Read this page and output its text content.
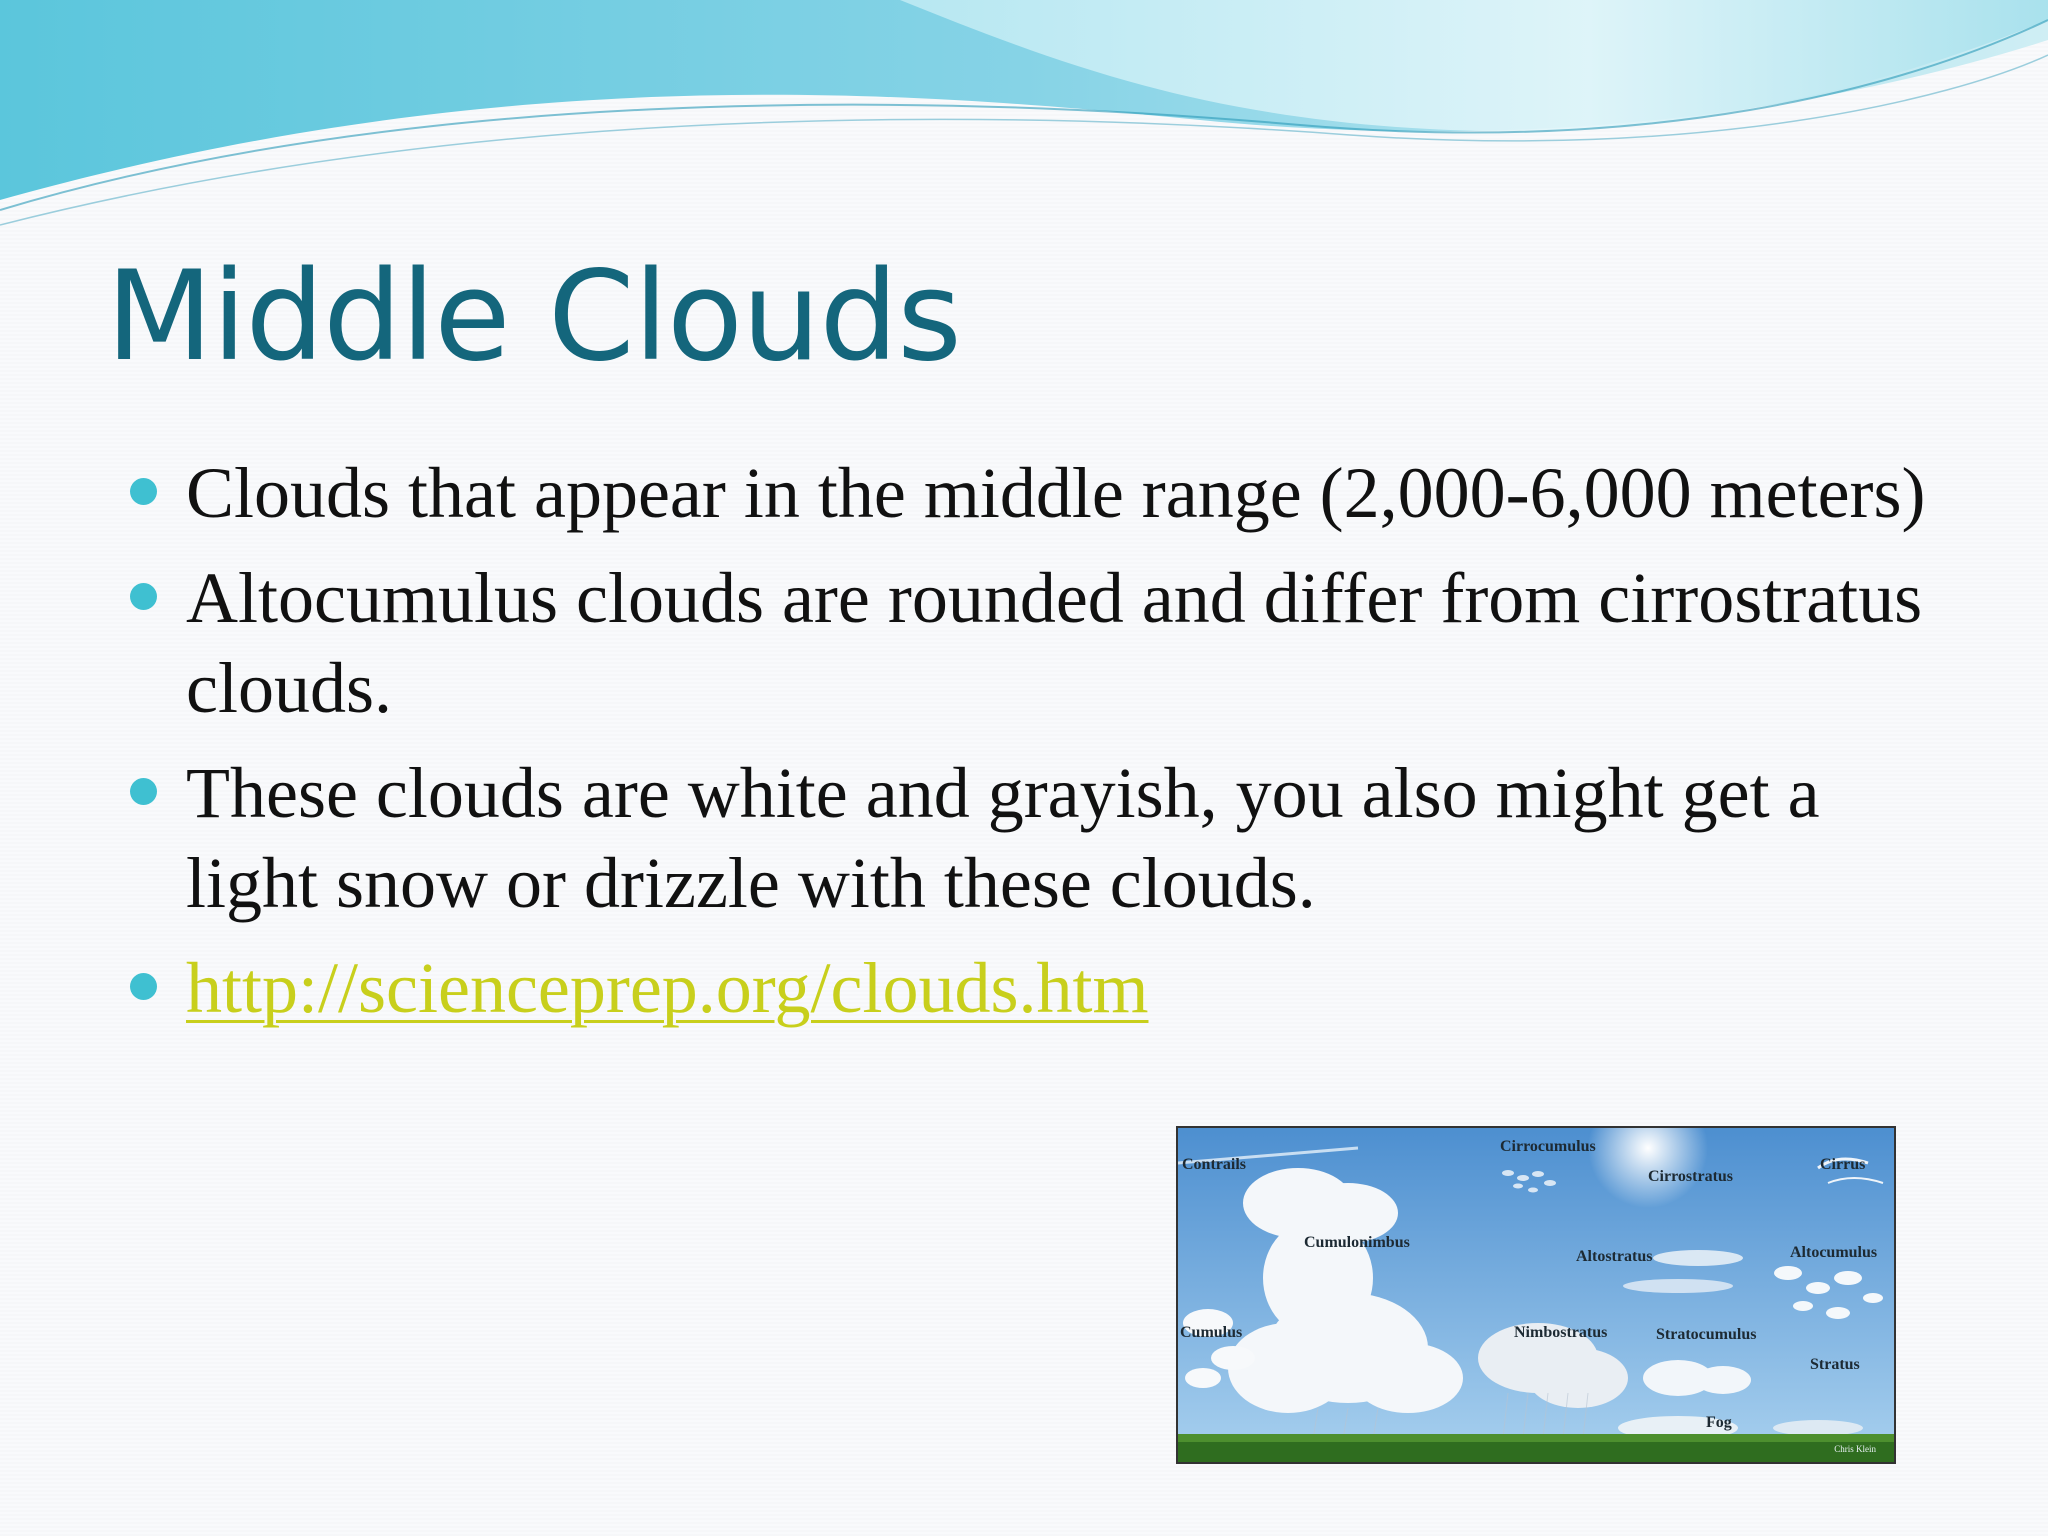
Middle Clouds
Clouds that appear in the middle range (2,000-6,000 meters)
Altocumulus clouds are rounded and differ from cirrostratus clouds.
These clouds are white and grayish, you also might get a light snow or drizzle with these clouds.
http://scienceprep.org/clouds.htm
Contrails
Cirrocumulus
Cirrostratus
Cirrus
Cumulonimbus
Altostratus	Altocumulus
Cumulus	Nimbostratus	Stratocumulus
Stratus
Fog
Chris Klein
